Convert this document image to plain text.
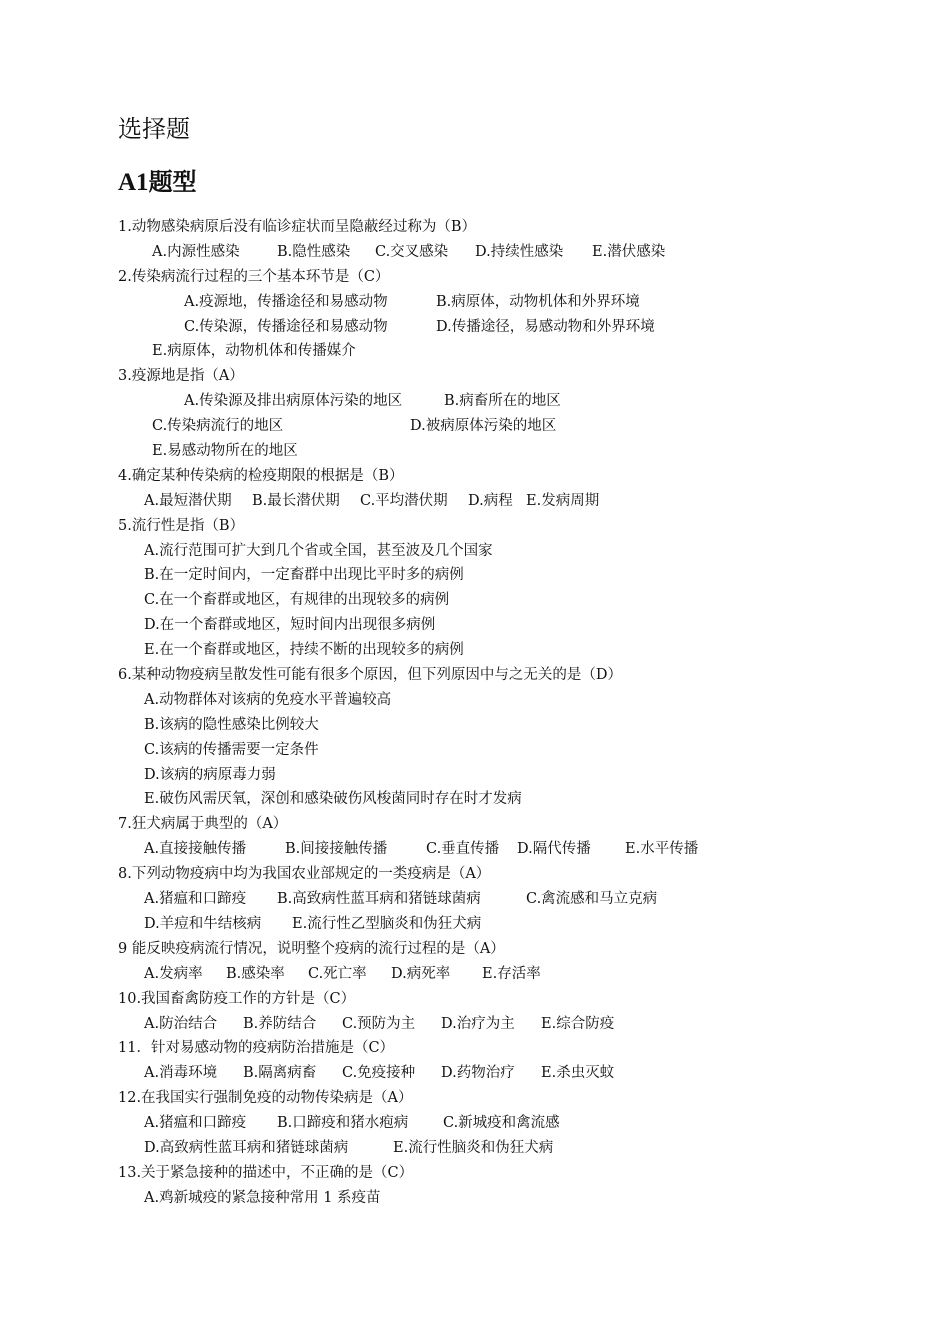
选择题
A1题型
1.动物感染病原后没有临诊症状而呈隐蔽经过称为（B）
A.内源性感染	B.隐性感染 C.交叉感染 D.持续性感染 E.潜伏感染
2.传染病流行过程的三个基本环节是（C）
A.疫源地，传播途径和易感动物	B.病原体，动物机体和外界环境
C.传染源，传播途径和易感动物	D.传播途径，易感动物和外界环境
E.病原体，动物机体和传播媒介
3.疫源地是指（A）
A.传染源及排出病原体污染的地区	B.病畜所在的地区
C.传染病流行的地区	D.被病原体污染的地区
E.易感动物所在的地区
4.确定某种传染病的检疫期限的根据是（B）
A.最短潜伏期 B.最长潜伏期 C.平均潜伏期 D.病程 E.发病周期
5.流行性是指（B）
A.流行范围可扩大到几个省或全国，甚至波及几个国家
B.在一定时间内，一定畜群中出现比平时多的病例
C.在一个畜群或地区，有规律的出现较多的病例
D.在一个畜群或地区，短时间内出现很多病例
E.在一个畜群或地区，持续不断的出现较多的病例
6.某种动物疫病呈散发性可能有很多个原因，但下列原因中与之无关的是（D）
A.动物群体对该病的免疫水平普遍较高
B.该病的隐性感染比例较大
C.该病的传播需要一定条件
D.该病的病原毒力弱
E.破伤风需厌氧，深创和感染破伤风梭菌同时存在时才发病
7.狂犬病属于典型的（A）
A.直接接触传播	B.间接接触传播	C.垂直传播 D.隔代传播 E.水平传播
8.下列动物疫病中均为我国农业部规定的一类疫病是（A）
A.猪瘟和口蹄疫 B.高致病性蓝耳病和猪链球菌病	C.禽流感和马立克病
D.羊痘和牛结核病 E.流行性乙型脑炎和伪狂犬病
9 能反映疫病流行情况，说明整个疫病的流行过程的是（A）
A.发病率 B.感染率 C.死亡率 D.病死率 E.存活率
10.我国畜禽防疫工作的方针是（C）
A.防治结合 B.养防结合 C.预防为主 D.治疗为主 E.综合防疫
11．针对易感动物的疫病防治措施是（C）
A.消毒环境 B.隔离病畜 C.免疫接种 D.药物治疗 E.杀虫灭蚊
12.在我国实行强制免疫的动物传染病是（A）
A.猪瘟和口蹄疫 B.口蹄疫和猪水疱病 C.新城疫和禽流感
D.高致病性蓝耳病和猪链球菌病	E.流行性脑炎和伪狂犬病
13.关于紧急接种的描述中，不正确的是（C）
A.鸡新城疫的紧急接种常用 1 系疫苗
